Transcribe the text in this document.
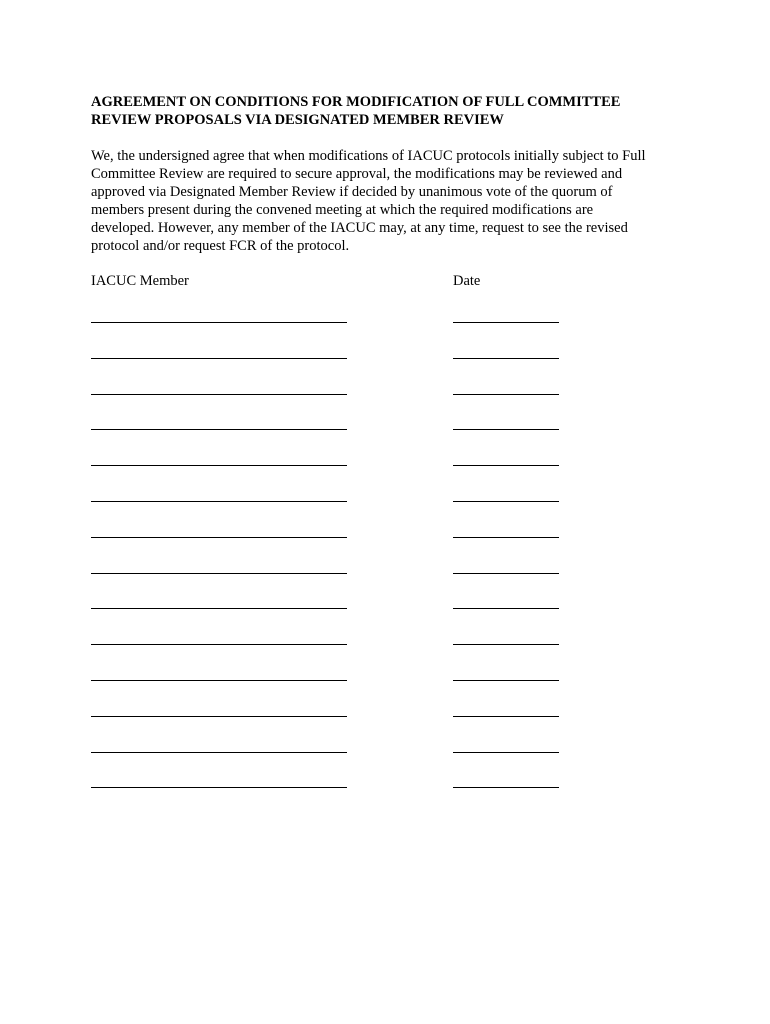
AGREEMENT ON CONDITIONS FOR MODIFICATION OF FULL COMMITTEE
REVIEW PROPOSALS VIA DESIGNATED MEMBER REVIEW

We, the undersigned agree that when modifications of IACUC protocols initially subject to Full
Committee Review are required to secure approval, the modifications may be reviewed and
approved via Designated Member Review if decided by unanimous vote of the quorum of
members present during the convened meeting at which the required modifications are
developed. However, any member of the IACUC may, at any time, request to see the revised
protocol and/or request FCR of the protocol.

IACUC Member	Date
